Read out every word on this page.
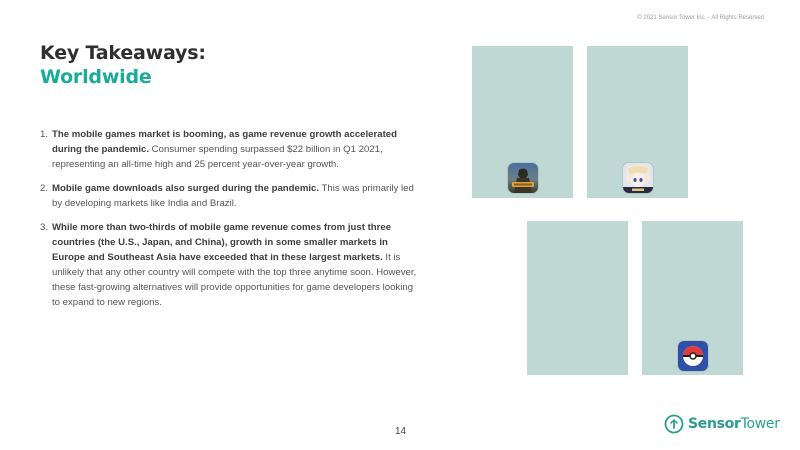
© 2021 Sensor Tower Inc. - All Rights Reserved
Key Takeaways:
Worldwide
1. The mobile games market is booming, as game revenue growth accelerated during the pandemic. Consumer spending surpassed $22 billion in Q1 2021, representing an all-time high and 25 percent year-over-year growth.
2. Mobile game downloads also surged during the pandemic. This was primarily led by developing markets like India and Brazil.
3. While more than two-thirds of mobile game revenue comes from just three countries (the U.S., Japan, and China), growth in some smaller markets in Europe and Southeast Asia have exceeded that in these largest markets. It is unlikely that any other country will compete with the top three anytime soon. However, these fast-growing alternatives will provide opportunities for game developers looking to expand to new regions.
14	SensorTower
